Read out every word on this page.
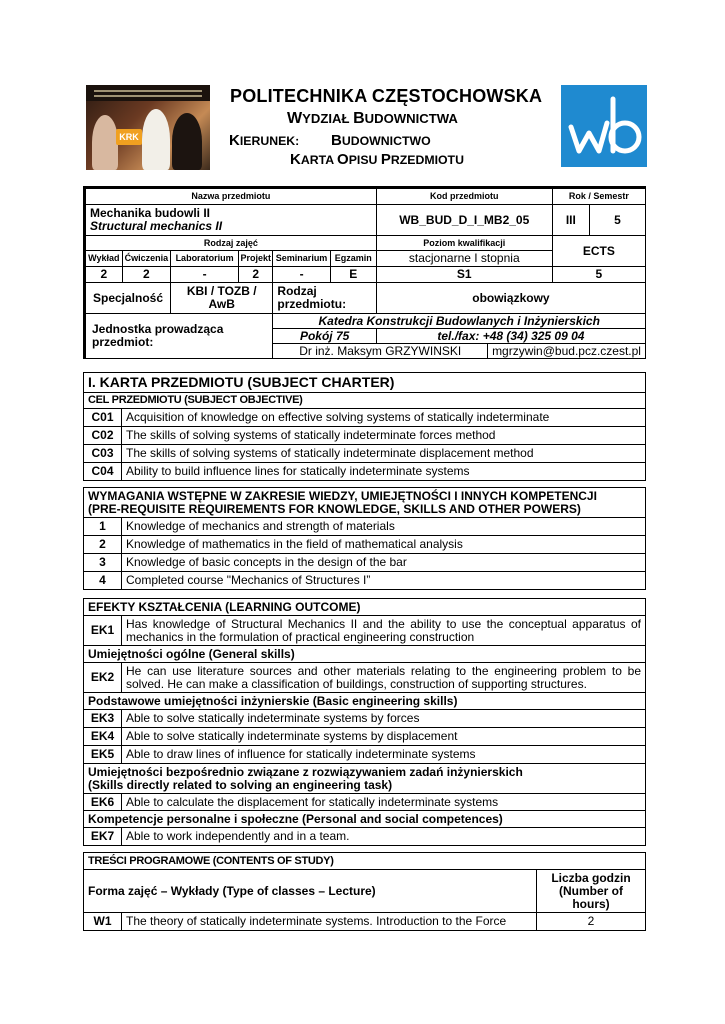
KRK
POLITECHNIKA CZĘSTOCHOWSKA
WYDZIAŁ BUDOWNICTWA
KIERUNEK: BUDOWNICTWO
KARTA OPISU PRZEDMIOTU
wb
Nazwa przedmiotu						Kod przedmiotu		Rok / Semestr	

Mechanika budowli II
Structural mechanics II						WB_BUD_D_I_MB2_05		III	5
Rodzaj zajęć						Poziom kwalifikacji		ECTS	
Wykład	Ćwiczenia	Laboratorium	Projekt	Seminarium	Egzamin	stacjonarne I stopnia			
2	2	-	2	-	E	S1		5	
Specjalność		KBI / TOZB / AwB		Rodzaj przedmiotu:		obowiązkowy			
Jednostka prowadząca przedmiot:				Katedra Konstrukcji Budowlanych i Inżynierskich					
				Pokój 75		tel./fax: +48 (34) 325 09 04			
				Dr inż. Maksym GRZYWINSKI			mgrzywin@bud.pcz.czest.pl		
I. KARTA PRZEDMIOTU (SUBJECT CHARTER)	
CEL PRZEDMIOTU (SUBJECT OBJECTIVE)	
C01	Acquisition of knowledge on effective solving systems of statically indeterminate
C02	The skills of solving systems of statically indeterminate forces method
C03	The skills of solving systems of statically indeterminate displacement method
C04	Ability to build influence lines for statically indeterminate systems
WYMAGANIA WSTĘPNE W ZAKRESIE WIEDZY, UMIEJĘTNOŚCI I INNYCH KOMPETENCJI
(PRE-REQUISITE REQUIREMENTS FOR KNOWLEDGE, SKILLS AND OTHER POWERS)	

1	Knowledge of mechanics and strength of materials
2	Knowledge of mathematics in the field of mathematical analysis
3	Knowledge of basic concepts in the design of the bar
4	Completed course "Mechanics of Structures I”
EFEKTY KSZTAŁCENIA (LEARNING OUTCOME)	
EK1	Has knowledge of Structural Mechanics II and the ability to use the conceptual apparatus of mechanics in the formulation of practical engineering construction
Umiejętności ogólne (General skills)	
EK2	He can use literature sources and other materials relating to the engineering problem to be solved. He can make a classification of buildings, construction of supporting structures.
Podstawowe umiejętności inżynierskie (Basic engineering skills)	
EK3	Able to solve statically indeterminate systems by forces
EK4	Able to solve statically indeterminate systems by displacement
EK5	Able to draw lines of influence for statically indeterminate systems

Umiejętności bezpośrednio związane z rozwiązywaniem zadań inżynierskich
(Skills directly related to solving an engineering task)	

EK6	Able to calculate the displacement for statically indeterminate systems
Kompetencje personalne i społeczne (Personal and social competences)	
EK7	Able to work independently and in a team.
TREŚCI PROGRAMOWE (CONTENTS OF STUDY)		
Forma zajęć – Wykłady (Type of classes – Lecture)		Liczba godzin
(Number of
hours)

W1	The theory of statically indeterminate systems. Introduction to the Force	2
